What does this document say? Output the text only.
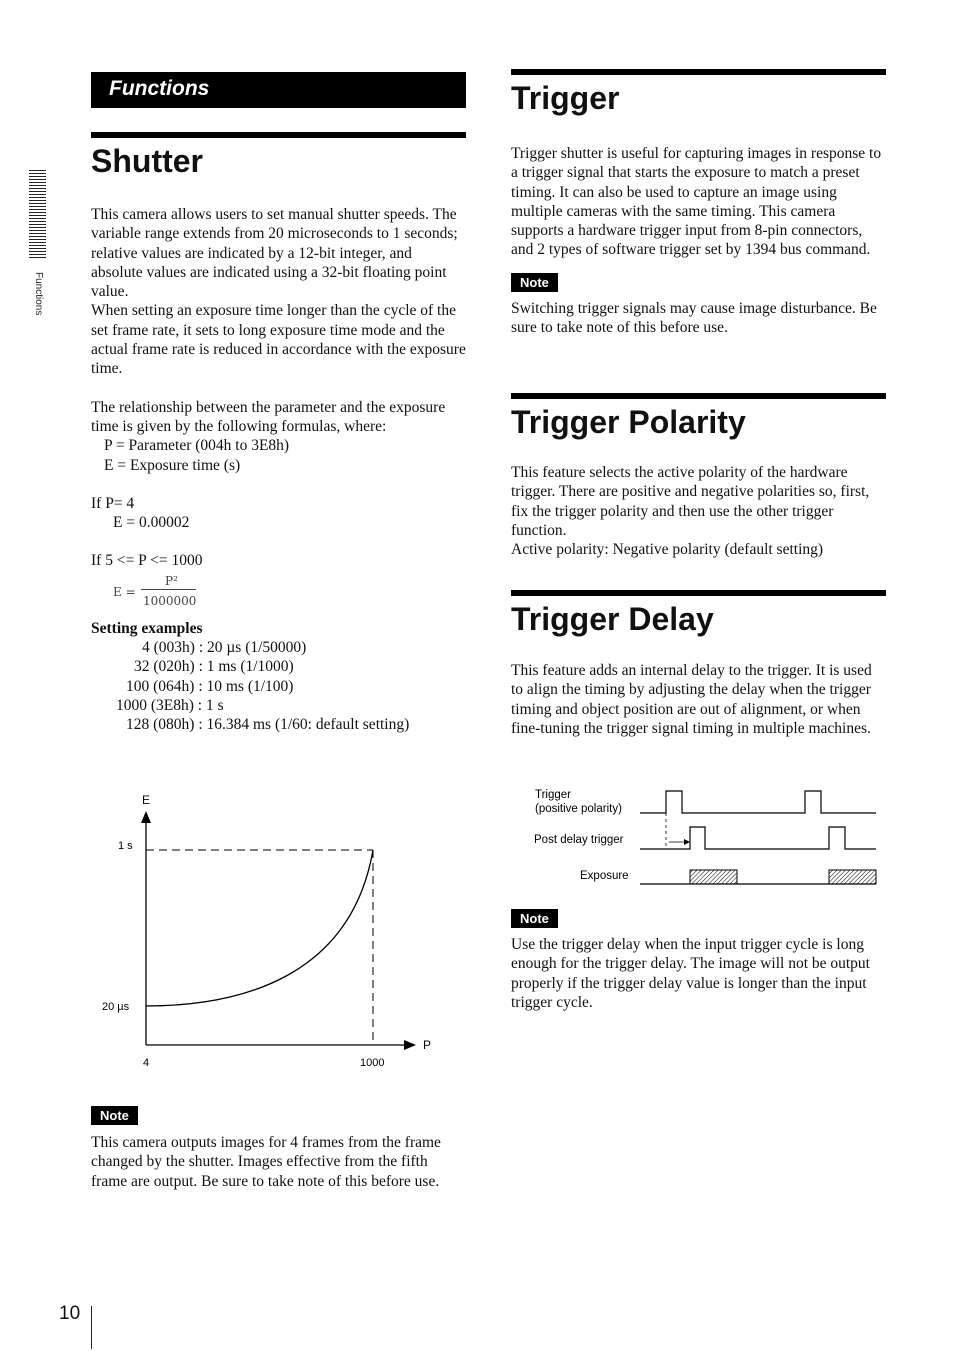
Functions
Functions
Shutter

This camera allows users to set manual shutter speeds. The variable range extends from 20 microseconds to 1 seconds; relative values are indicated by a 12-bit integer, and absolute values are indicated using a 32-bit floating point value.

When setting an exposure time longer than the cycle of the set frame rate, it sets to long exposure time mode and the actual frame rate is reduced in accordance with the exposure time.

The relationship between the parameter and the exposure time is given by the following formulas, where:

P = Parameter (004h to 3E8h)

E = Exposure time (s)

If P= 4

E = 0.00002

If 5 <= P <= 1000

E =
P²
1000000

Setting examples

4 (003h) : 20 µs (1/50000)
32 (020h) : 1 ms (1/1000)
100 (064h) : 10 ms (1/100)
1000 (3E8h) : 1 s
128 (080h) : 16.384 ms (1/60: default setting)
E
P
1 s
20 µs
4	1000
Note

This camera outputs images for 4 frames from the frame changed by the shutter. Images effective from the fifth frame are output. Be sure to take note of this before use.

Trigger

Trigger shutter is useful for capturing images in response to a trigger signal that starts the exposure to match a preset timing. It can also be used to capture an image using multiple cameras with the same timing. This camera supports a hardware trigger input from 8-pin connectors, and 2 types of software trigger set by 1394 bus command.

Note

Switching trigger signals may cause image disturbance. Be sure to take note of this before use.

Trigger Polarity

This feature selects the active polarity of the hardware trigger. There are positive and negative polarities so, first, fix the trigger polarity and then use the other trigger function.

Active polarity: Negative polarity (default setting)

Trigger Delay

This feature adds an internal delay to the trigger. It is used to align the timing by adjusting the delay when the trigger timing and object position are out of alignment, or when fine-tuning the trigger signal timing in multiple machines.

Trigger
(positive polarity)
Post delay trigger
Exposure
Note

Use the trigger delay when the input trigger cycle is long enough for the trigger delay. The image will not be output properly if the trigger delay value is longer than the input trigger cycle.

10
